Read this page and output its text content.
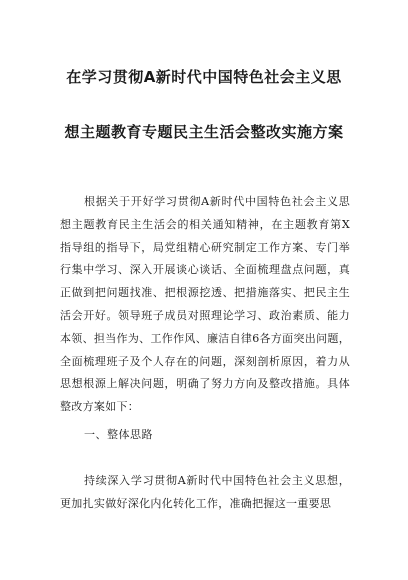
在学习贯彻A新时代中国特色社会主义思
想主题教育专题民主生活会整改实施方案
根据关于开好学习贯彻A新时代中国特色社会主义思想主题教育民主生活会的相关通知精神，在主题教育第X指导组的指导下，局党组精心研究制定工作方案、专门举行集中学习、深入开展谈心谈话、全面梳理盘点问题，真正做到把问题找准、把根源挖透、把措施落实、把民主生活会开好。领导班子成员对照理论学习、政治素质、能力本领、担当作为、工作作风、廉洁自律6各方面突出问题，全面梳理班子及个人存在的问题，深刻剖析原因，着力从思想根源上解决问题，明确了努力方向及整改措施。具体整改方案如下：
一、整体思路
持续深入学习贯彻A新时代中国特色社会主义思想，更加扎实做好深化内化转化工作，准确把握这一重要思
